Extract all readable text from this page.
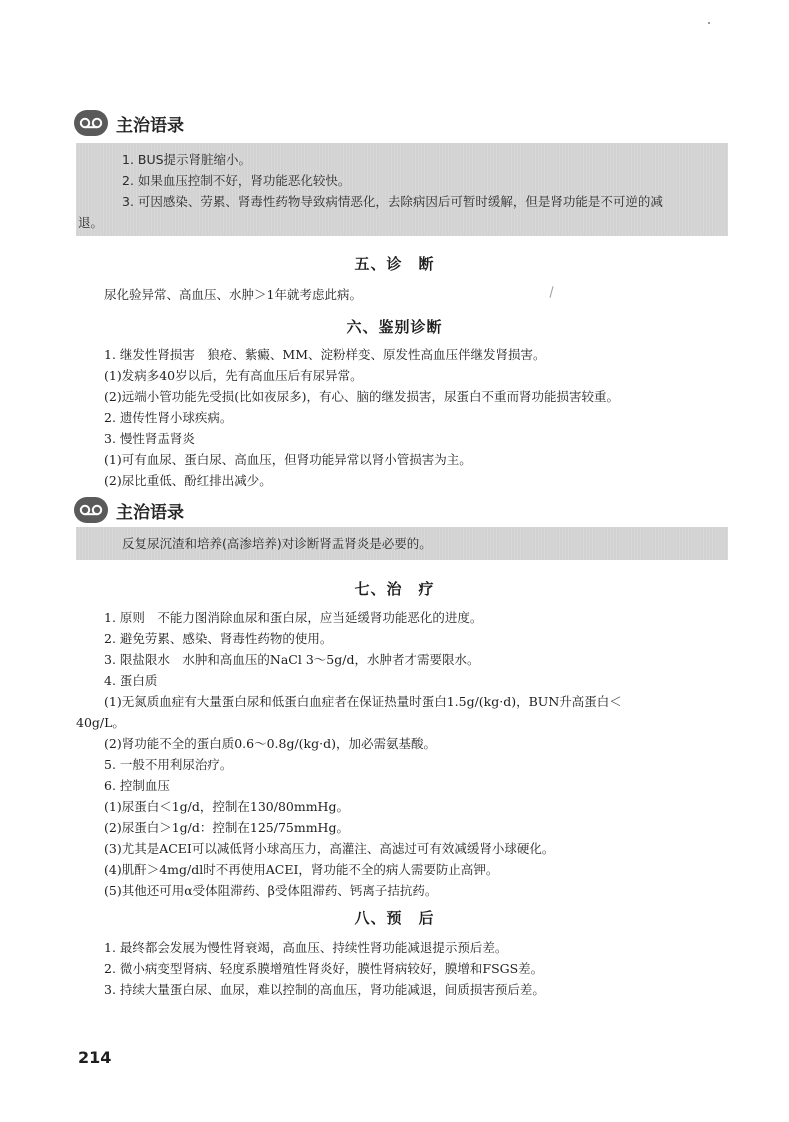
主治语录

1. BUS提示肾脏缩小。

2. 如果血压控制不好，肾功能恶化较快。

3. 可因感染、劳累、肾毒性药物导致病情恶化，去除病因后可暂时缓解，但是肾功能是不可逆的减

退。

五、诊　断

尿化验异常、高血压、水肿＞1年就考虑此病。

六、鉴别诊断

1. 继发性肾损害　狼疮、紫癜、MM、淀粉样变、原发性高血压伴继发肾损害。

(1)发病多40岁以后，先有高血压后有尿异常。

(2)远端小管功能先受损(比如夜尿多)，有心、脑的继发损害，尿蛋白不重而肾功能损害较重。

2. 遗传性肾小球疾病。

3. 慢性肾盂肾炎

(1)可有血尿、蛋白尿、高血压，但肾功能异常以肾小管损害为主。

(2)尿比重低、酚红排出减少。

主治语录

反复尿沉渣和培养(高渗培养)对诊断肾盂肾炎是必要的。

七、治　疗

1. 原则　不能力图消除血尿和蛋白尿，应当延缓肾功能恶化的进度。

2. 避免劳累、感染、肾毒性药物的使用。

3. 限盐限水　水肿和高血压的NaCl 3～5g/d，水肿者才需要限水。

4. 蛋白质

(1)无氮质血症有大量蛋白尿和低蛋白血症者在保证热量时蛋白1.5g/(kg·d)，BUN升高蛋白＜

40g/L。

(2)肾功能不全的蛋白质0.6～0.8g/(kg·d)，加必需氨基酸。

5. 一般不用利尿治疗。

6. 控制血压

(1)尿蛋白＜1g/d，控制在130/80mmHg。

(2)尿蛋白＞1g/d：控制在125/75mmHg。

(3)尤其是ACEI可以减低肾小球高压力，高灌注、高滤过可有效减缓肾小球硬化。

(4)肌酐＞4mg/dl时不再使用ACEI，肾功能不全的病人需要防止高钾。

(5)其他还可用α受体阻滞药、β受体阻滞药、钙离子拮抗药。

八、预　后

1. 最终都会发展为慢性肾衰竭，高血压、持续性肾功能减退提示预后差。

2. 微小病变型肾病、轻度系膜增殖性肾炎好，膜性肾病较好，膜增和FSGS差。

3. 持续大量蛋白尿、血尿，难以控制的高血压，肾功能减退，间质损害预后差。

214
